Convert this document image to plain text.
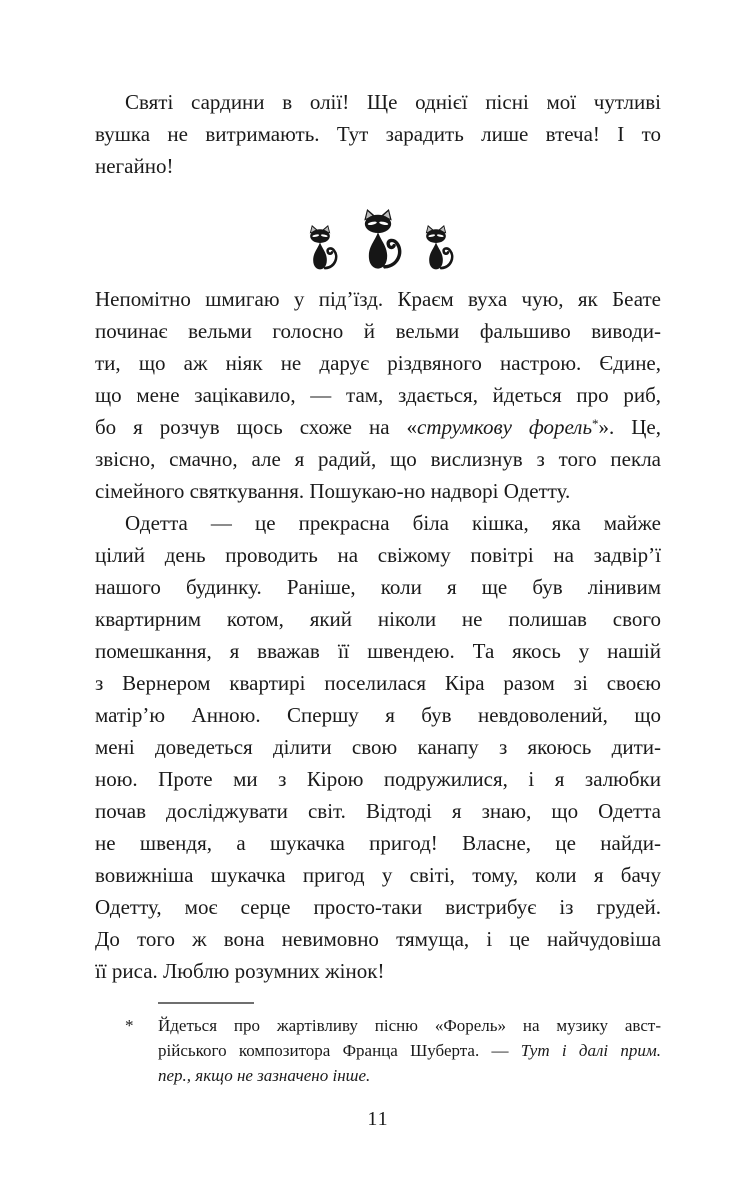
Святі сардини в олії! Ще однієї пісні мої чутливі
вушка не витримають. Тут зарадить лише втеча! І то
негайно!
Непомітно шмигаю у під’їзд. Краєм вуха чую, як Беате
починає вельми голосно й вельми фальшиво виводи-
ти, що аж ніяк не дарує різдвяного настрою. Єдине,
що мене зацікавило, — там, здається, йдеться про риб,
бо я розчув щось схоже на «струмкову форель*». Це,
звісно, смачно, але я радий, що вислизнув з того пекла
сімейного святкування. Пошукаю-но надворі Одетту.
Одетта — це прекрасна біла кішка, яка майже
цілий день проводить на свіжому повітрі на задвір’ї
нашого будинку. Раніше, коли я ще був лінивим
квартирним котом, який ніколи не полишав свого
помешкання, я вважав її швендею. Та якось у нашій
з Вернером квартирі поселилася Кіра разом зі своєю
матір’ю Анною. Спершу я був невдоволений, що
мені доведеться ділити свою канапу з якоюсь дити-
ною. Проте ми з Кірою подружилися, і я залюбки
почав досліджувати світ. Відтоді я знаю, що Одетта
не швендя, а шукачка пригод! Власне, це найди-
вовижніша шукачка пригод у світі, тому, коли я бачу
Одетту, моє серце просто-таки вистрибує із грудей.
До того ж вона невимовно тямуща, і це найчудовіша
її риса. Люблю розумних жінок!
* Йдеться про жартівливу пісню «Форель» на музику авст-
рійського композитора Франца Шуберта. — Тут і далі прим.
пер., якщо не зазначено інше.
11
